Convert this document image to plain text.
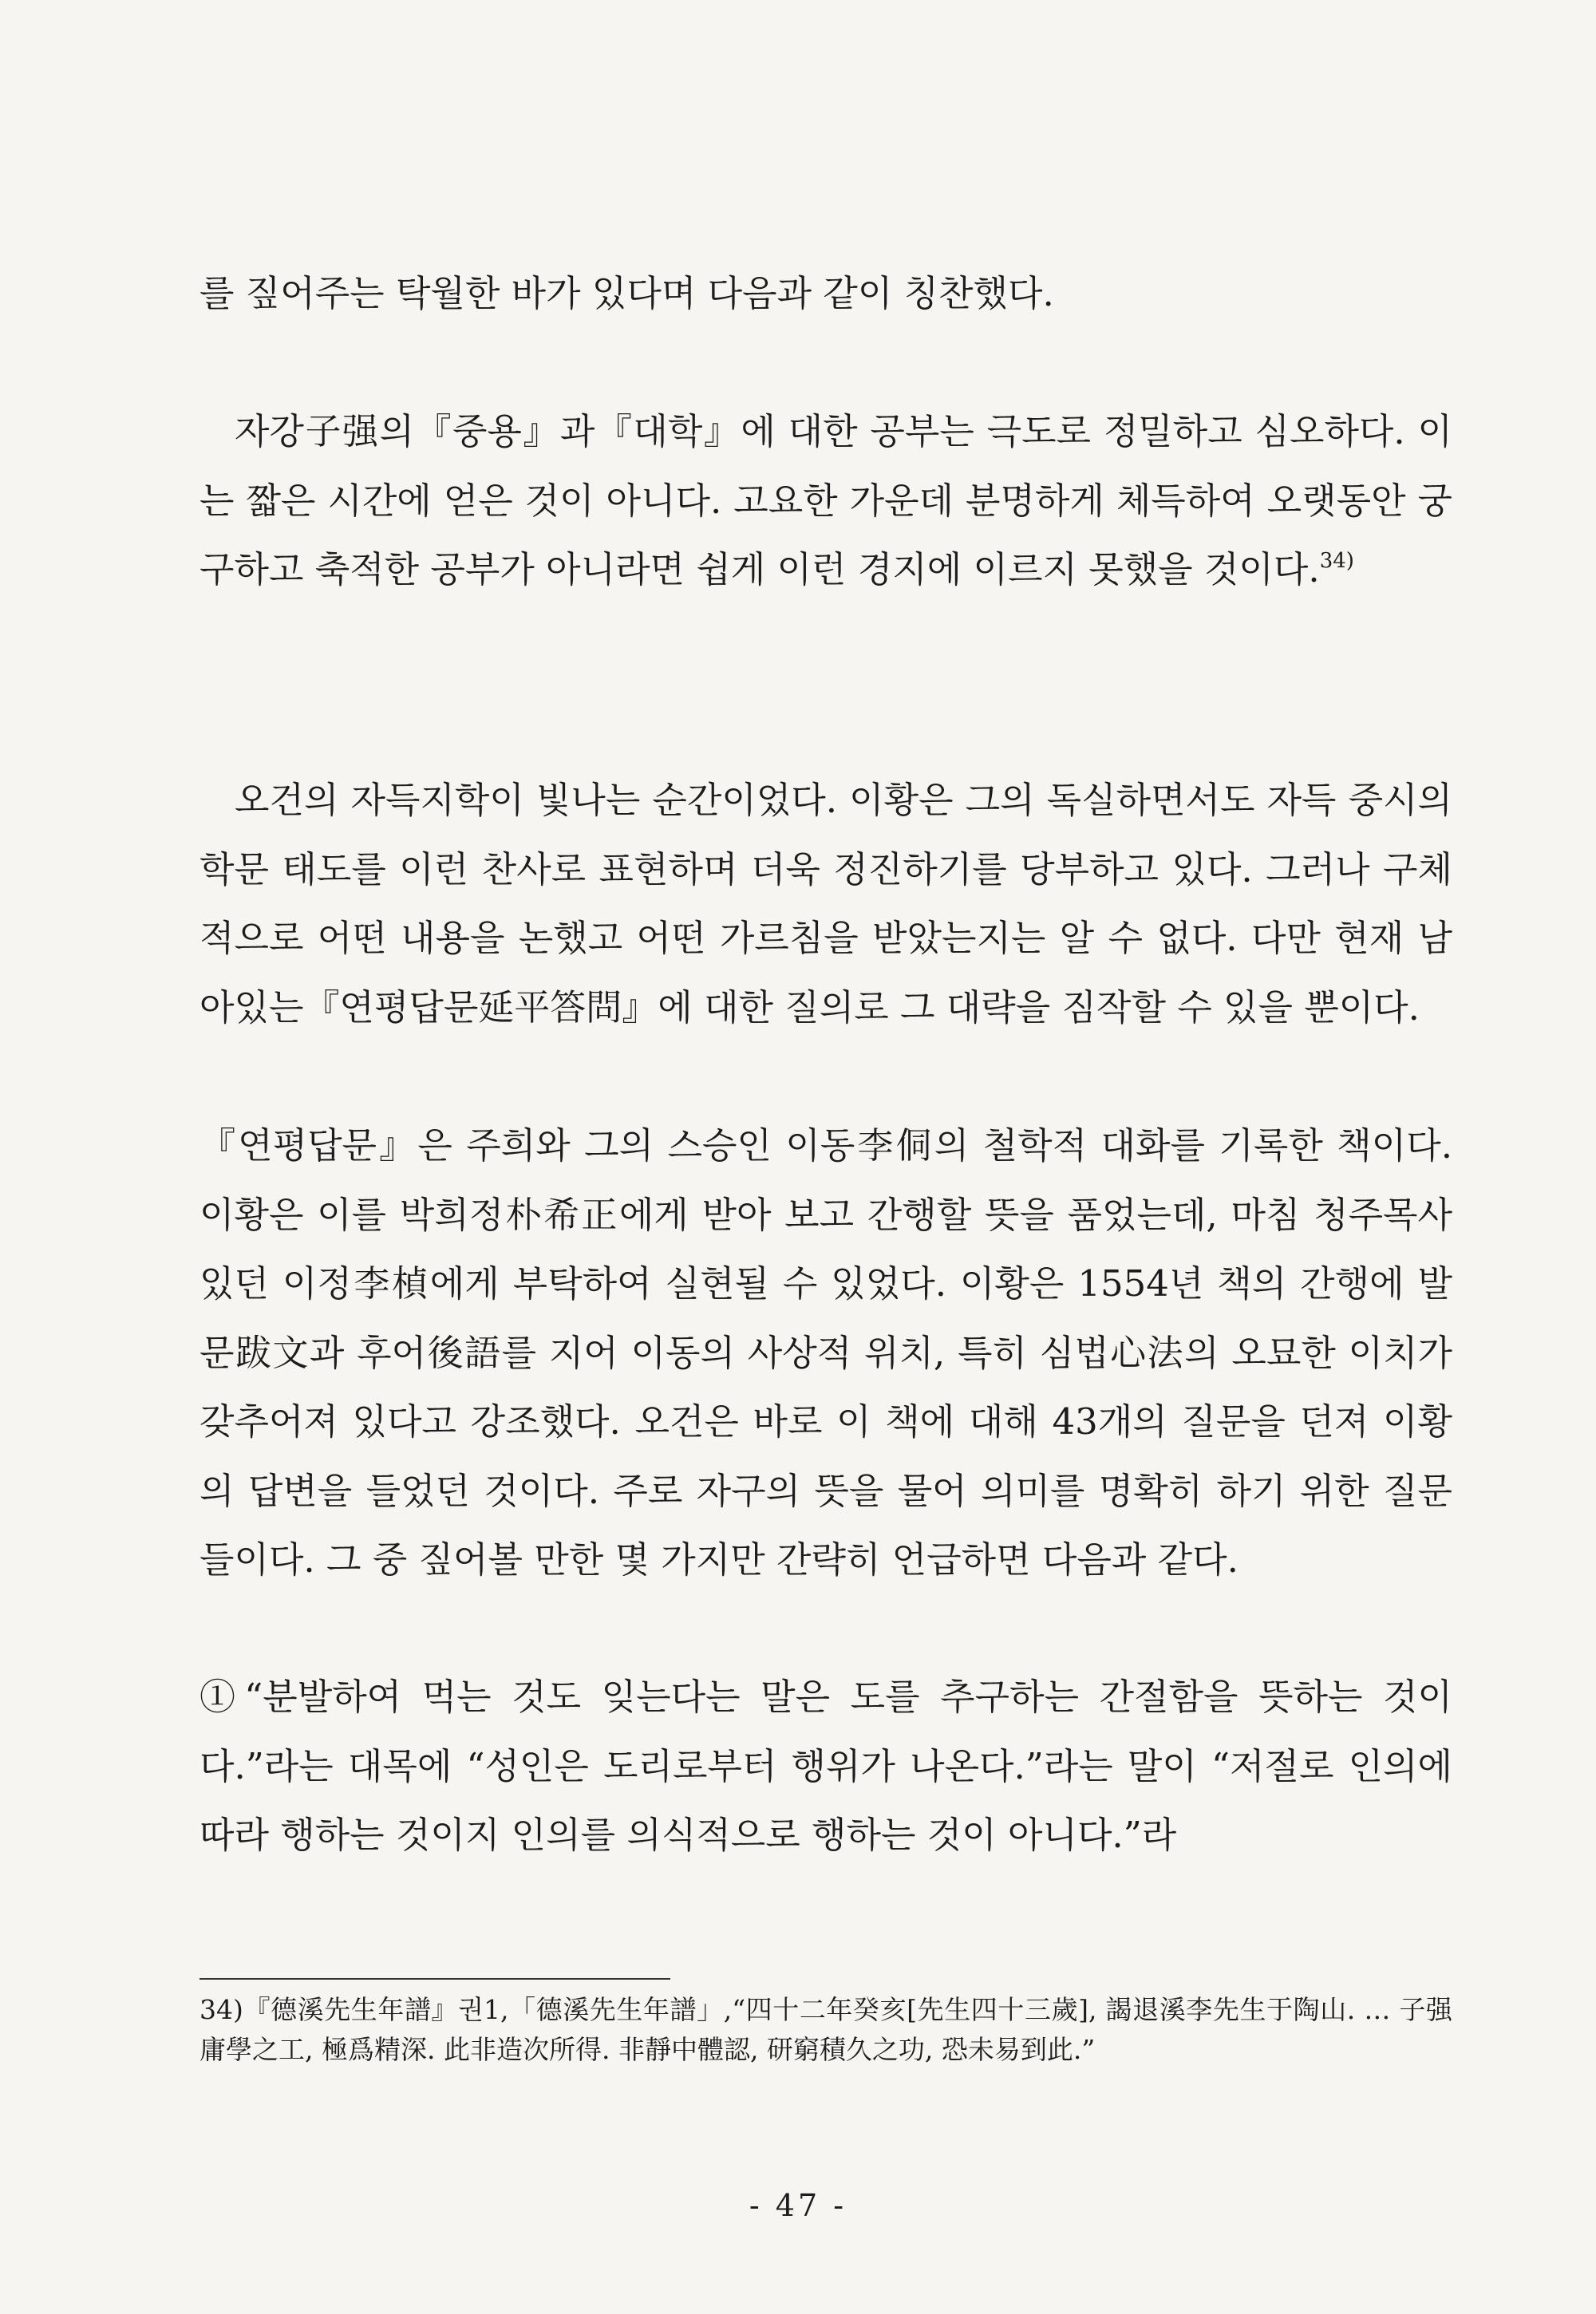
를 짚어주는 탁월한 바가 있다며 다음과 같이 칭찬했다.

자강子强의『중용』과『대학』에 대한 공부는 극도로 정밀하고 심오하다. 이는 짧은 시간에 얻은 것이 아니다. 고요한 가운데 분명하게 체득하여 오랫동안 궁구하고 축적한 공부가 아니라면 쉽게 이런 경지에 이르지 못했을 것이다.$^{34)}$

오건의 자득지학이 빛나는 순간이었다. 이황은 그의 독실하면서도 자득 중시의 학문 태도를 이런 찬사로 표현하며 더욱 정진하기를 당부하고 있다. 그러나 구체적으로 어떤 내용을 논했고 어떤 가르침을 받았는지는 알 수 없다. 다만 현재 남아있는『연평답문延平答問』에 대한 질의로 그 대략을 짐작할 수 있을 뿐이다.

『연평답문』은 주희와 그의 스승인 이동李侗의 철학적 대화를 기록한 책이다. 이황은 이를 박희정朴希正에게 받아 보고 간행할 뜻을 품었는데, 마침 청주목사 있던 이정李楨에게 부탁하여 실현될 수 있었다. 이황은 1554년 책의 간행에 발문跋文과 후어後語를 지어 이동의 사상적 위치, 특히 심법心法의 오묘한 이치가 갖추어져 있다고 강조했다. 오건은 바로 이 책에 대해 43개의 질문을 던져 이황의 답변을 들었던 것이다. 주로 자구의 뜻을 물어 의미를 명확히 하기 위한 질문들이다. 그 중 짚어볼 만한 몇 가지만 간략히 언급하면 다음과 같다.

①“분발하여 먹는 것도 잊는다는 말은 도를 추구하는 간절함을 뜻하는 것이다.”라는 대목에 “성인은 도리로부터 행위가 나온다.”라는 말이 “저절로 인의에 따라 행하는 것이지 인의를 의식적으로 행하는 것이 아니다.”라

34)『德溪先生年譜』권1,「德溪先生年譜」,“四十二年癸亥[先生四十三歲], 謁退溪李先生于陶山. … 子强庸學之工, 極爲精深. 此非造次所得. 非靜中體認, 研窮積久之功, 恐未易到此.”

- 47 -
